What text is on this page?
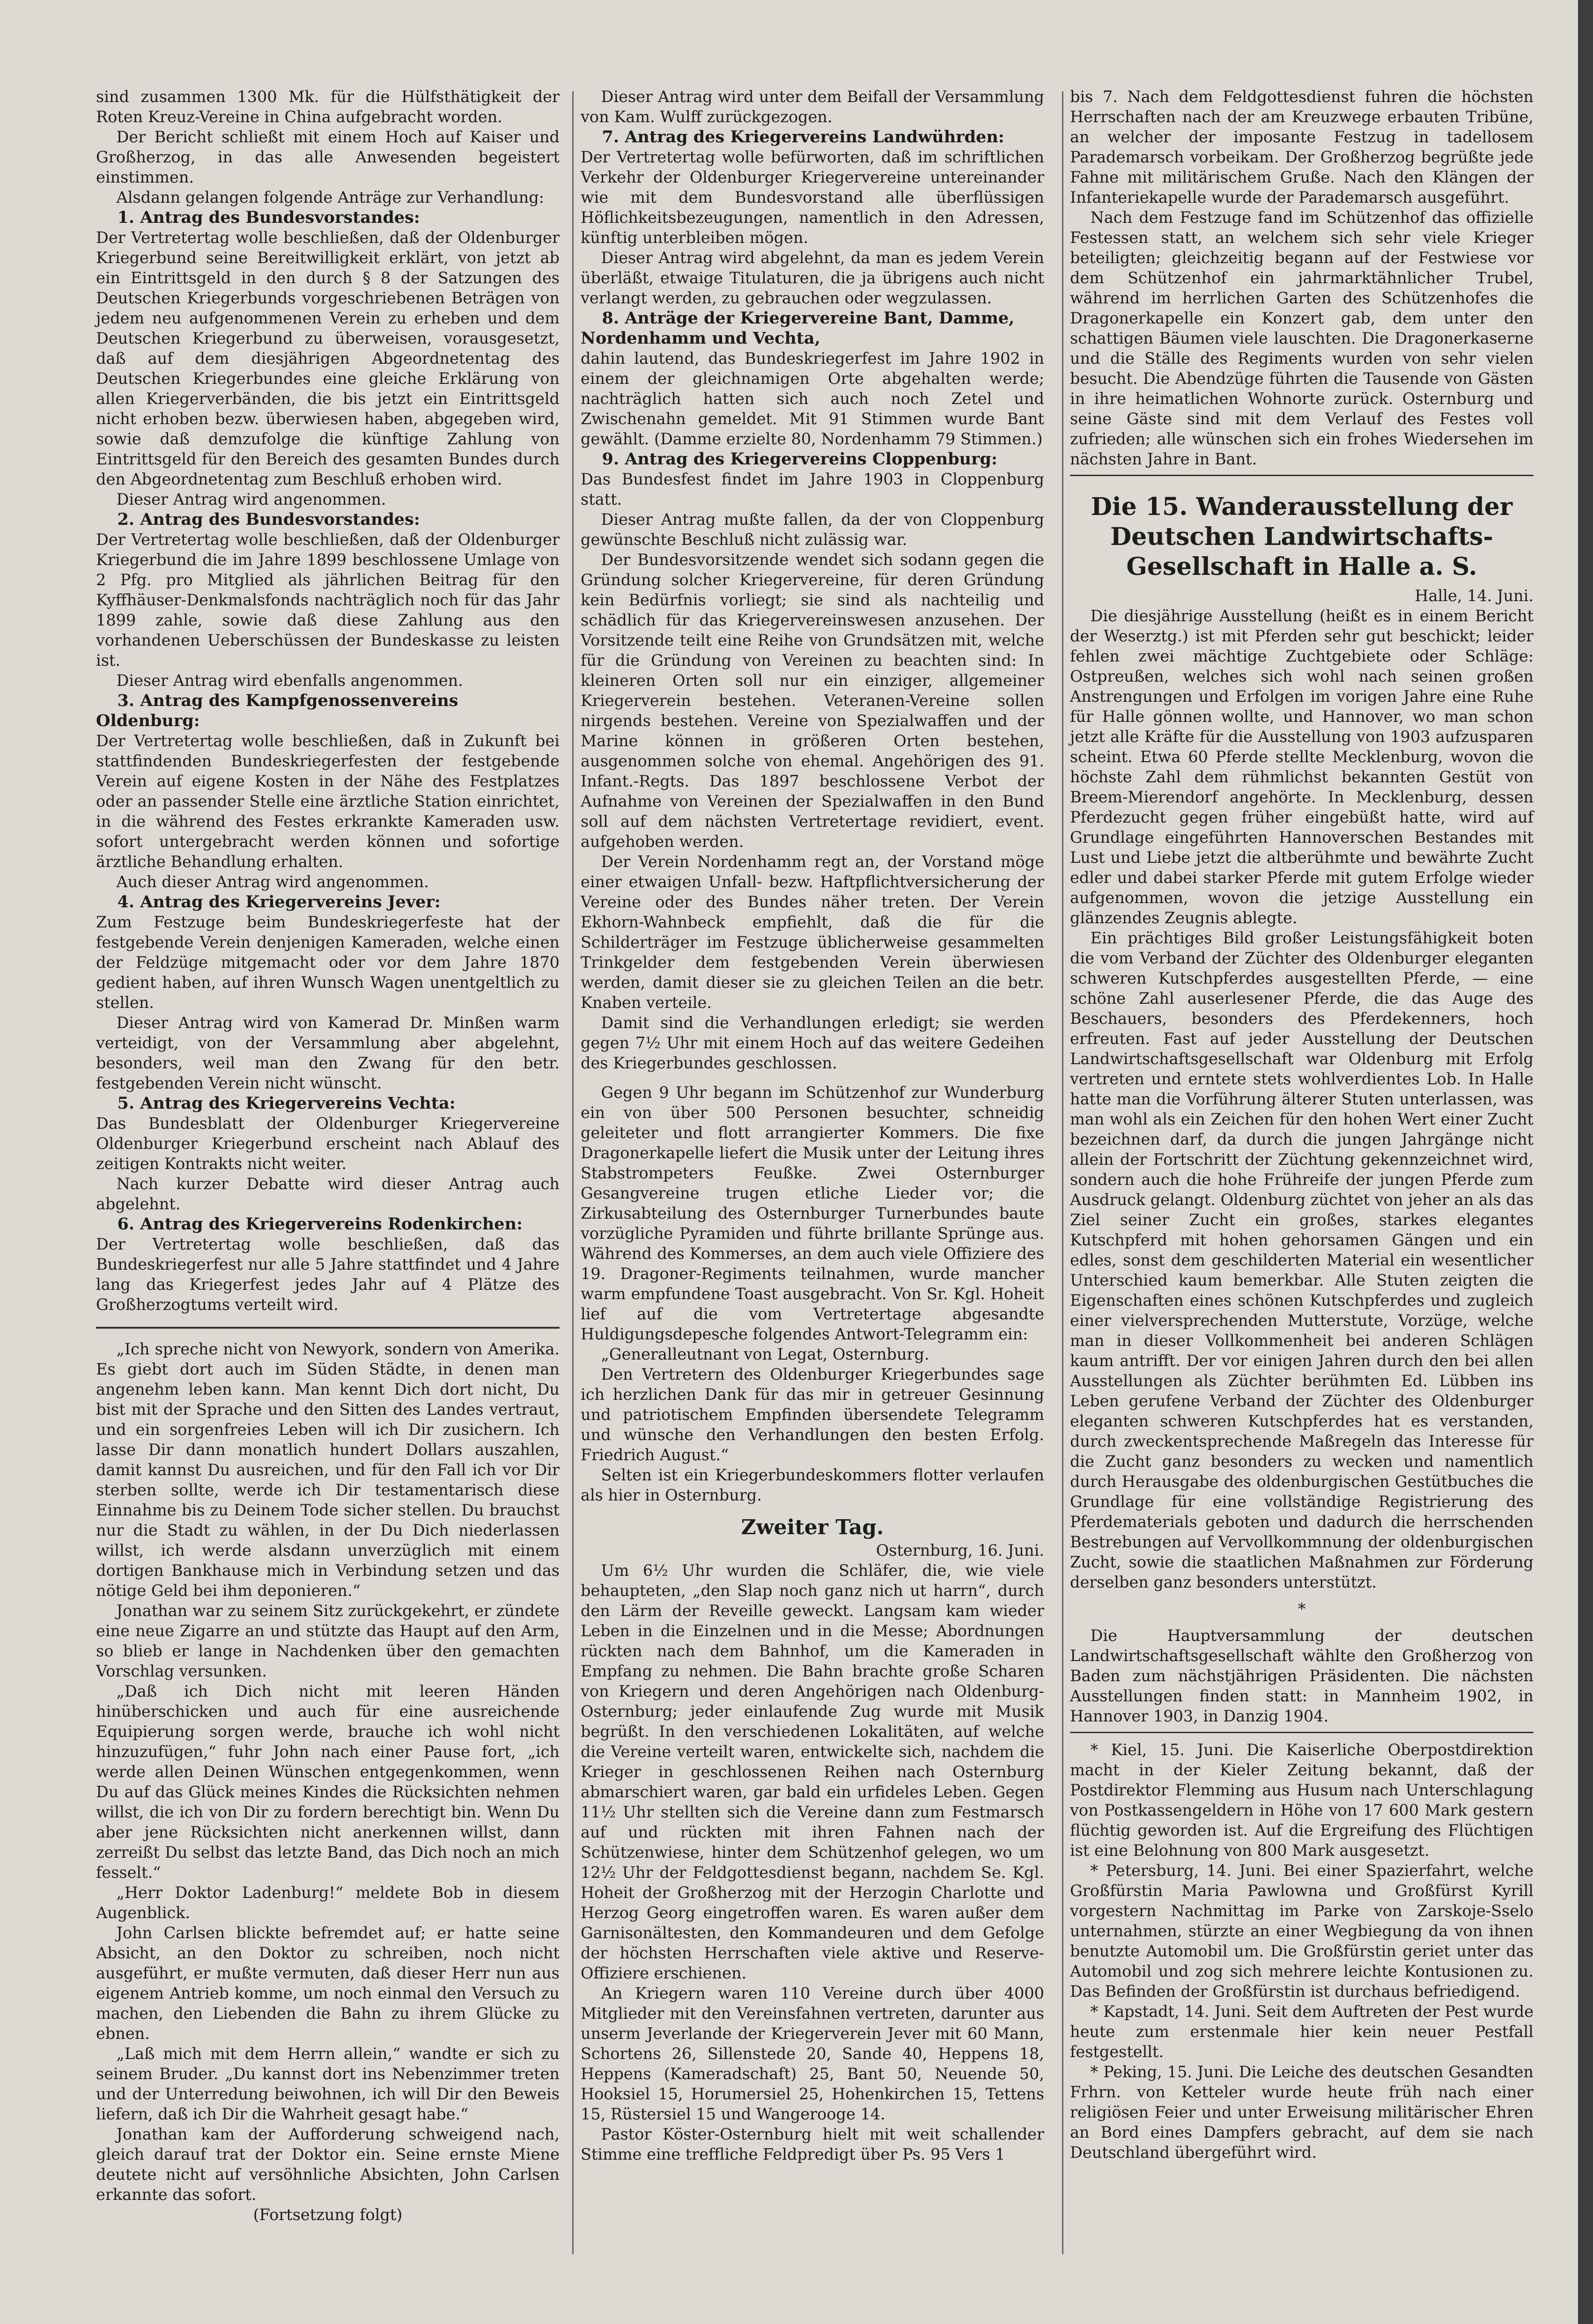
sind zusammen 1300 Mk. für die Hülfsthätigkeit der Roten Kreuz-Vereine in China aufgebracht worden.

Der Bericht schließt mit einem Hoch auf Kaiser und Großherzog, in das alle Anwesenden begeistert einstimmen.

Alsdann gelangen folgende Anträge zur Verhandlung:

1. Antrag des Bundesvorstandes:

Der Vertretertag wolle beschließen, daß der Oldenburger Kriegerbund seine Bereitwilligkeit erklärt, von jetzt ab ein Eintrittsgeld in den durch § 8 der Satzungen des Deutschen Kriegerbunds vorgeschriebenen Beträgen von jedem neu aufgenommenen Verein zu erheben und dem Deutschen Kriegerbund zu überweisen, vorausgesetzt, daß auf dem diesjährigen Abgeordnetentag des Deutschen Kriegerbundes eine gleiche Erklärung von allen Kriegerverbänden, die bis jetzt ein Eintrittsgeld nicht erhoben bezw. überwiesen haben, abgegeben wird, sowie daß demzufolge die künftige Zahlung von Eintrittsgeld für den Bereich des gesamten Bundes durch den Abgeordnetentag zum Beschluß erhoben wird.

Dieser Antrag wird angenommen.

2. Antrag des Bundesvorstandes:

Der Vertretertag wolle beschließen, daß der Oldenburger Kriegerbund die im Jahre 1899 beschlossene Umlage von 2 Pfg. pro Mitglied als jährlichen Beitrag für den Kyffhäuser-Denkmalsfonds nachträglich noch für das Jahr 1899 zahle, sowie daß diese Zahlung aus den vorhandenen Ueberschüssen der Bundeskasse zu leisten ist.

Dieser Antrag wird ebenfalls angenommen.

3. Antrag des Kampfgenossenvereins Oldenburg:

Der Vertretertag wolle beschließen, daß in Zukunft bei stattfindenden Bundeskriegerfesten der festgebende Verein auf eigene Kosten in der Nähe des Festplatzes oder an passender Stelle eine ärztliche Station einrichtet, in die während des Festes erkrankte Kameraden usw. sofort untergebracht werden können und sofortige ärztliche Behandlung erhalten.

Auch dieser Antrag wird angenommen.

4. Antrag des Kriegervereins Jever:

Zum Festzuge beim Bundeskriegerfeste hat der festgebende Verein denjenigen Kameraden, welche einen der Feldzüge mitgemacht oder vor dem Jahre 1870 gedient haben, auf ihren Wunsch Wagen unentgeltlich zu stellen.

Dieser Antrag wird von Kamerad Dr. Minßen warm verteidigt, von der Versammlung aber abgelehnt, besonders, weil man den Zwang für den betr. festgebenden Verein nicht wünscht.

5. Antrag des Kriegervereins Vechta:

Das Bundesblatt der Oldenburger Kriegervereine Oldenburger Kriegerbund erscheint nach Ablauf des zeitigen Kontrakts nicht weiter.

Nach kurzer Debatte wird dieser Antrag auch abgelehnt.

6. Antrag des Kriegervereins Rodenkirchen:

Der Vertretertag wolle beschließen, daß das Bundeskriegerfest nur alle 5 Jahre stattfindet und 4 Jahre lang das Kriegerfest jedes Jahr auf 4 Plätze des Großherzogtums verteilt wird.

„Ich spreche nicht von Newyork, sondern von Amerika. Es giebt dort auch im Süden Städte, in denen man angenehm leben kann. Man kennt Dich dort nicht, Du bist mit der Sprache und den Sitten des Landes vertraut, und ein sorgenfreies Leben will ich Dir zusichern. Ich lasse Dir dann monatlich hundert Dollars auszahlen, damit kannst Du ausreichen, und für den Fall ich vor Dir sterben sollte, werde ich Dir testamentarisch diese Einnahme bis zu Deinem Tode sicher stellen. Du brauchst nur die Stadt zu wählen, in der Du Dich niederlassen willst, ich werde alsdann unverzüglich mit einem dortigen Bankhause mich in Verbindung setzen und das nötige Geld bei ihm deponieren.“

Jonathan war zu seinem Sitz zurückgekehrt, er zündete eine neue Zigarre an und stützte das Haupt auf den Arm, so blieb er lange in Nachdenken über den gemachten Vorschlag versunken.

„Daß ich Dich nicht mit leeren Händen hinüberschicken und auch für eine ausreichende Equipierung sorgen werde, brauche ich wohl nicht hinzuzufügen,“ fuhr John nach einer Pause fort, „ich werde allen Deinen Wünschen entgegenkommen, wenn Du auf das Glück meines Kindes die Rücksichten nehmen willst, die ich von Dir zu fordern berechtigt bin. Wenn Du aber jene Rücksichten nicht anerkennen willst, dann zerreißt Du selbst das letzte Band, das Dich noch an mich fesselt.“

„Herr Doktor Ladenburg!“ meldete Bob in diesem Augenblick.

John Carlsen blickte befremdet auf; er hatte seine Absicht, an den Doktor zu schreiben, noch nicht ausgeführt, er mußte vermuten, daß dieser Herr nun aus eigenem Antrieb komme, um noch einmal den Versuch zu machen, den Liebenden die Bahn zu ihrem Glücke zu ebnen.

„Laß mich mit dem Herrn allein,“ wandte er sich zu seinem Bruder. „Du kannst dort ins Nebenzimmer treten und der Unterredung beiwohnen, ich will Dir den Beweis liefern, daß ich Dir die Wahrheit gesagt habe.“

Jonathan kam der Aufforderung schweigend nach, gleich darauf trat der Doktor ein. Seine ernste Miene deutete nicht auf versöhnliche Absichten, John Carlsen erkannte das sofort.

(Fortsetzung folgt)

Dieser Antrag wird unter dem Beifall der Versammlung von Kam. Wulff zurückgezogen.

7. Antrag des Kriegervereins Landwührden:

Der Vertretertag wolle befürworten, daß im schriftlichen Verkehr der Oldenburger Kriegervereine untereinander wie mit dem Bundesvorstand alle überflüssigen Höflichkeitsbezeugungen, namentlich in den Adressen, künftig unterbleiben mögen.

Dieser Antrag wird abgelehnt, da man es jedem Verein überläßt, etwaige Titulaturen, die ja übrigens auch nicht verlangt werden, zu gebrauchen oder wegzulassen.

8. Anträge der Kriegervereine Bant, Damme, Nordenhamm und Vechta,

dahin lautend, das Bundeskriegerfest im Jahre 1902 in einem der gleichnamigen Orte abgehalten werde; nachträglich hatten sich auch noch Zetel und Zwischenahn gemeldet. Mit 91 Stimmen wurde Bant gewählt. (Damme erzielte 80, Nordenhamm 79 Stimmen.)

9. Antrag des Kriegervereins Cloppenburg:

Das Bundesfest findet im Jahre 1903 in Cloppenburg statt.

Dieser Antrag mußte fallen, da der von Cloppenburg gewünschte Beschluß nicht zulässig war.

Der Bundesvorsitzende wendet sich sodann gegen die Gründung solcher Kriegervereine, für deren Gründung kein Bedürfnis vorliegt; sie sind als nachteilig und schädlich für das Kriegervereinswesen anzusehen. Der Vorsitzende teilt eine Reihe von Grundsätzen mit, welche für die Gründung von Vereinen zu beachten sind: In kleineren Orten soll nur ein einziger, allgemeiner Kriegerverein bestehen. Veteranen-Vereine sollen nirgends bestehen. Vereine von Spezialwaffen und der Marine können in größeren Orten bestehen, ausgenommen solche von ehemal. Angehörigen des 91. Infant.-Regts. Das 1897 beschlossene Verbot der Aufnahme von Vereinen der Spezialwaffen in den Bund soll auf dem nächsten Vertretertage revidiert, event. aufgehoben werden.

Der Verein Nordenhamm regt an, der Vorstand möge einer etwaigen Unfall- bezw. Haftpflichtversicherung der Vereine oder des Bundes näher treten. Der Verein Ekhorn-Wahnbeck empfiehlt, daß die für die Schilderträger im Festzuge üblicherweise gesammelten Trinkgelder dem festgebenden Verein überwiesen werden, damit dieser sie zu gleichen Teilen an die betr. Knaben verteile.

Damit sind die Verhandlungen erledigt; sie werden gegen 7½ Uhr mit einem Hoch auf das weitere Gedeihen des Kriegerbundes geschlossen.

Gegen 9 Uhr begann im Schützenhof zur Wunderburg ein von über 500 Personen besuchter, schneidig geleiteter und flott arrangierter Kommers. Die fixe Dragonerkapelle liefert die Musik unter der Leitung ihres Stabstrompeters Feußke. Zwei Osternburger Gesangvereine trugen etliche Lieder vor; die Zirkusabteilung des Osternburger Turnerbundes baute vorzügliche Pyramiden und führte brillante Sprünge aus. Während des Kommerses, an dem auch viele Offiziere des 19. Dragoner-Regiments teilnahmen, wurde mancher warm empfundene Toast ausgebracht. Von Sr. Kgl. Hoheit lief auf die vom Vertretertage abgesandte Huldigungsdepesche folgendes Antwort-Telegramm ein:

„Generalleutnant von Legat, Osternburg.

Den Vertretern des Oldenburger Kriegerbundes sage ich herzlichen Dank für das mir in getreuer Gesinnung und patriotischem Empfinden übersendete Telegramm und wünsche den Verhandlungen den besten Erfolg. Friedrich August.“

Selten ist ein Kriegerbundeskommers flotter verlaufen als hier in Osternburg.

Zweiter Tag.

Osternburg, 16. Juni.

Um 6½ Uhr wurden die Schläfer, die, wie viele behaupteten, „den Slap noch ganz nich ut harrn“, durch den Lärm der Reveille geweckt. Langsam kam wieder Leben in die Einzelnen und in die Messe; Abordnungen rückten nach dem Bahnhof, um die Kameraden in Empfang zu nehmen. Die Bahn brachte große Scharen von Kriegern und deren Angehörigen nach Oldenburg-Osternburg; jeder einlaufende Zug wurde mit Musik begrüßt. In den verschiedenen Lokalitäten, auf welche die Vereine verteilt waren, entwickelte sich, nachdem die Krieger in geschlossenen Reihen nach Osternburg abmarschiert waren, gar bald ein urfideles Leben. Gegen 11½ Uhr stellten sich die Vereine dann zum Festmarsch auf und rückten mit ihren Fahnen nach der Schützenwiese, hinter dem Schützenhof gelegen, wo um 12½ Uhr der Feldgottesdienst begann, nachdem Se. Kgl. Hoheit der Großherzog mit der Herzogin Charlotte und Herzog Georg eingetroffen waren. Es waren außer dem Garnisonältesten, den Kommandeuren und dem Gefolge der höchsten Herrschaften viele aktive und Reserve-Offiziere erschienen.

An Kriegern waren 110 Vereine durch über 4000 Mitglieder mit den Vereinsfahnen vertreten, darunter aus unserm Jeverlande der Kriegerverein Jever mit 60 Mann, Schortens 26, Sillenstede 20, Sande 40, Heppens 18, Heppens (Kameradschaft) 25, Bant 50, Neuende 50, Hooksiel 15, Horumersiel 25, Hohenkirchen 15, Tettens 15, Rüstersiel 15 und Wangerooge 14.

Pastor Köster-Osternburg hielt mit weit schallender Stimme eine treffliche Feldpredigt über Ps. 95 Vers 1

bis 7. Nach dem Feldgottesdienst fuhren die höchsten Herrschaften nach der am Kreuzwege erbauten Tribüne, an welcher der imposante Festzug in tadellosem Parademarsch vorbeikam. Der Großherzog begrüßte jede Fahne mit militärischem Gruße. Nach den Klängen der Infanteriekapelle wurde der Parademarsch ausgeführt.

Nach dem Festzuge fand im Schützenhof das offizielle Festessen statt, an welchem sich sehr viele Krieger beteiligten; gleichzeitig begann auf der Festwiese vor dem Schützenhof ein jahrmarktähnlicher Trubel, während im herrlichen Garten des Schützenhofes die Dragonerkapelle ein Konzert gab, dem unter den schattigen Bäumen viele lauschten. Die Dragonerkaserne und die Ställe des Regiments wurden von sehr vielen besucht. Die Abendzüge führten die Tausende von Gästen in ihre heimatlichen Wohnorte zurück. Osternburg und seine Gäste sind mit dem Verlauf des Festes voll zufrieden; alle wünschen sich ein frohes Wiedersehen im nächsten Jahre in Bant.

Die 15. Wanderausstellung der Deutschen Landwirtschafts-Gesellschaft in Halle a. S.

Halle, 14. Juni.

Die diesjährige Ausstellung (heißt es in einem Bericht der Weserztg.) ist mit Pferden sehr gut beschickt; leider fehlen zwei mächtige Zuchtgebiete oder Schläge: Ostpreußen, welches sich wohl nach seinen großen Anstrengungen und Erfolgen im vorigen Jahre eine Ruhe für Halle gönnen wollte, und Hannover, wo man schon jetzt alle Kräfte für die Ausstellung von 1903 aufzusparen scheint. Etwa 60 Pferde stellte Mecklenburg, wovon die höchste Zahl dem rühmlichst bekannten Gestüt von Breem-Mierendorf angehörte. In Mecklenburg, dessen Pferdezucht gegen früher eingebüßt hatte, wird auf Grundlage eingeführten Hannoverschen Bestandes mit Lust und Liebe jetzt die altberühmte und bewährte Zucht edler und dabei starker Pferde mit gutem Erfolge wieder aufgenommen, wovon die jetzige Ausstellung ein glänzendes Zeugnis ablegte.

Ein prächtiges Bild großer Leistungsfähigkeit boten die vom Verband der Züchter des Oldenburger eleganten schweren Kutschpferdes ausgestellten Pferde, — eine schöne Zahl auserlesener Pferde, die das Auge des Beschauers, besonders des Pferdekenners, hoch erfreuten. Fast auf jeder Ausstellung der Deutschen Landwirtschaftsgesellschaft war Oldenburg mit Erfolg vertreten und erntete stets wohlverdientes Lob. In Halle hatte man die Vorführung älterer Stuten unterlassen, was man wohl als ein Zeichen für den hohen Wert einer Zucht bezeichnen darf, da durch die jungen Jahrgänge nicht allein der Fortschritt der Züchtung gekennzeichnet wird, sondern auch die hohe Frühreife der jungen Pferde zum Ausdruck gelangt. Oldenburg züchtet von jeher an als das Ziel seiner Zucht ein großes, starkes elegantes Kutschpferd mit hohen gehorsamen Gängen und ein edles, sonst dem geschilderten Material ein wesentlicher Unterschied kaum bemerkbar. Alle Stuten zeigten die Eigenschaften eines schönen Kutschpferdes und zugleich einer vielversprechenden Mutterstute, Vorzüge, welche man in dieser Vollkommenheit bei anderen Schlägen kaum antrifft. Der vor einigen Jahren durch den bei allen Ausstellungen als Züchter berühmten Ed. Lübben ins Leben gerufene Verband der Züchter des Oldenburger eleganten schweren Kutschpferdes hat es verstanden, durch zweckentsprechende Maßregeln das Interesse für die Zucht ganz besonders zu wecken und namentlich durch Herausgabe des oldenburgischen Gestütbuches die Grundlage für eine vollständige Registrierung des Pferdematerials geboten und dadurch die herrschenden Bestrebungen auf Vervollkommnung der oldenburgischen Zucht, sowie die staatlichen Maßnahmen zur Förderung derselben ganz besonders unterstützt.

*

Die Hauptversammlung der deutschen Landwirtschaftsgesellschaft wählte den Großherzog von Baden zum nächstjährigen Präsidenten. Die nächsten Ausstellungen finden statt: in Mannheim 1902, in Hannover 1903, in Danzig 1904.

* Kiel, 15. Juni. Die Kaiserliche Oberpostdirektion macht in der Kieler Zeitung bekannt, daß der Postdirektor Flemming aus Husum nach Unterschlagung von Postkassengeldern in Höhe von 17 600 Mark gestern flüchtig geworden ist. Auf die Ergreifung des Flüchtigen ist eine Belohnung von 800 Mark ausgesetzt.

* Petersburg, 14. Juni. Bei einer Spazierfahrt, welche Großfürstin Maria Pawlowna und Großfürst Kyrill vorgestern Nachmittag im Parke von Zarskoje-Sselo unternahmen, stürzte an einer Wegbiegung da von ihnen benutzte Automobil um. Die Großfürstin geriet unter das Automobil und zog sich mehrere leichte Kontusionen zu. Das Befinden der Großfürstin ist durchaus befriedigend.

* Kapstadt, 14. Juni. Seit dem Auftreten der Pest wurde heute zum erstenmale hier kein neuer Pestfall festgestellt.

* Peking, 15. Juni. Die Leiche des deutschen Gesandten Frhrn. von Ketteler wurde heute früh nach einer religiösen Feier und unter Erweisung militärischer Ehren an Bord eines Dampfers gebracht, auf dem sie nach Deutschland übergeführt wird.
